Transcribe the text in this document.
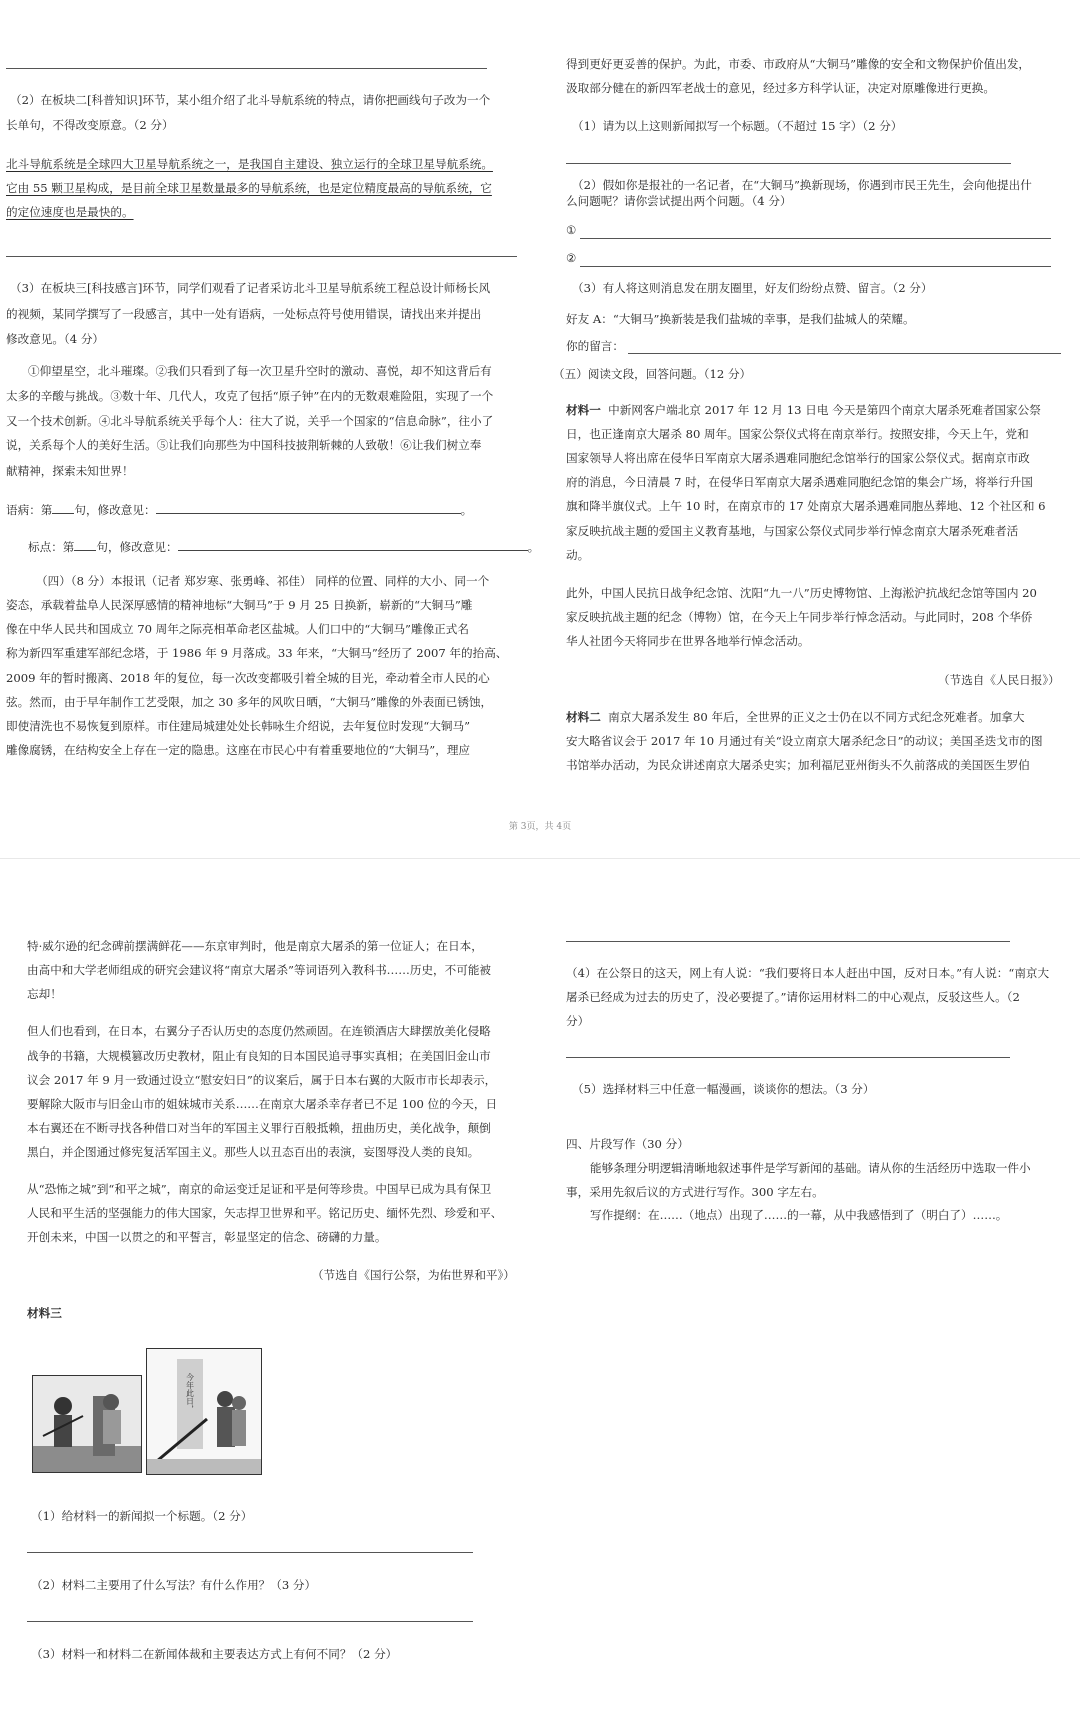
（2）在板块二[科普知识]环节，某小组介绍了北斗导航系统的特点，请你把画线句子改为一个
长单句，不得改变原意。（2 分）
北斗导航系统是全球四大卫星导航系统之一，是我国自主建设、独立运行的全球卫星导航系统。
它由 55 颗卫星构成，是目前全球卫星数量最多的导航系统，也是定位精度最高的导航系统，它
的定位速度也是最快的。
（3）在板块三[科技感言]环节，同学们观看了记者采访北斗卫星导航系统工程总设计师杨长风
的视频，某同学撰写了一段感言，其中一处有语病，一处标点符号使用错误，请找出来并提出
修改意见。（4 分）
①仰望星空，北斗璀璨。②我们只看到了每一次卫星升空时的激动、喜悦，却不知这背后有
太多的辛酸与挑战。③数十年、几代人，攻克了包括“原子钟”在内的无数艰难险阻，实现了一个
又一个技术创新。④北斗导航系统关乎每个人：往大了说，关乎一个国家的“信息命脉”，往小了
说，关系每个人的美好生活。⑤让我们向那些为中国科技披荆斩棘的人致敬！⑥让我们树立奉
献精神，探索未知世界！
语病：第 句，修改意见：	。
标点：第 句，修改意见：	。
（四）（8 分）本报讯（记者 郑岁寒、张勇峰、祁佳） 同样的位置、同样的大小、同一个
姿态，承载着盐阜人民深厚感情的精神地标“大铜马”于 9 月 25 日换新，崭新的“大铜马”雕
像在中华人民共和国成立 70 周年之际亮相革命老区盐城。人们口中的“大铜马”雕像正式名
称为新四军重建军部纪念塔，于 1986 年 9 月落成。33 年来，“大铜马”经历了 2007 年的抬高、
2009 年的暂时搬离、2018 年的复位，每一次改变都吸引着全城的目光，牵动着全市人民的心
弦。然而，由于早年制作工艺受限，加之 30 多年的风吹日晒，“大铜马”雕像的外表面已锈蚀，
即使清洗也不易恢复到原样。市住建局城建处处长韩咏生介绍说，去年复位时发现“大铜马”
雕像腐锈，在结构安全上存在一定的隐患。这座在市民心中有着重要地位的“大铜马”，理应
得到更好更妥善的保护。为此，市委、市政府从“大铜马”雕像的安全和文物保护价值出发，
汲取部分健在的新四军老战士的意见，经过多方科学认证，决定对原雕像进行更换。
（1）请为以上这则新闻拟写一个标题。（不超过 15 字）（2 分）
（2）假如你是报社的一名记者，在“大铜马”换新现场，你遇到市民王先生，会向他提出什
么问题呢？请你尝试提出两个问题。（4 分）
①
②
（3）有人将这则消息发在朋友圈里，好友们纷纷点赞、留言。（2 分）
好友 A：“大铜马”换新装是我们盐城的幸事，是我们盐城人的荣耀。
你的留言：
（五）阅读文段，回答问题。（12 分）
材料一 中新网客户端北京 2017 年 12 月 13 日电 今天是第四个南京大屠杀死难者国家公祭
日，也正逢南京大屠杀 80 周年。国家公祭仪式将在南京举行。按照安排，今天上午，党和
国家领导人将出席在侵华日军南京大屠杀遇难同胞纪念馆举行的国家公祭仪式。据南京市政
府的消息，今日清晨 7 时，在侵华日军南京大屠杀遇难同胞纪念馆的集会广场，将举行升国
旗和降半旗仪式。上午 10 时，在南京市的 17 处南京大屠杀遇难同胞丛葬地、12 个社区和 6
家反映抗战主题的爱国主义教育基地，与国家公祭仪式同步举行悼念南京大屠杀死难者活
动。
此外，中国人民抗日战争纪念馆、沈阳“九一八”历史博物馆、上海淞沪抗战纪念馆等国内 20
家反映抗战主题的纪念（博物）馆，在今天上午同步举行悼念活动。与此同时，208 个华侨
华人社团今天将同步在世界各地举行悼念活动。
（节选自《人民日报》）
材料二 南京大屠杀发生 80 年后，全世界的正义之士仍在以不同方式纪念死难者。加拿大
安大略省议会于 2017 年 10 月通过有关“设立南京大屠杀纪念日”的动议；美国圣迭戈市的图
书馆举办活动，为民众讲述南京大屠杀史实；加利福尼亚州街头不久前落成的美国医生罗伯
第 3页，共 4页
特·威尔逊的纪念碑前摆满鲜花——东京审判时，他是南京大屠杀的第一位证人；在日本，
由高中和大学老师组成的研究会建议将“南京大屠杀”等词语列入教科书……历史，不可能被
忘却！
但人们也看到，在日本，右翼分子否认历史的态度仍然顽固。在连锁酒店大肆摆放美化侵略
战争的书籍，大规模篡改历史教材，阻止有良知的日本国民追寻事实真相；在美国旧金山市
议会 2017 年 9 月一致通过设立“慰安妇日”的议案后，属于日本右翼的大阪市市长却表示，
要解除大阪市与旧金山市的姐妹城市关系……在南京大屠杀幸存者已不足 100 位的今天，日
本右翼还在不断寻找各种借口对当年的军国主义罪行百般抵赖，扭曲历史，美化战争，颠倒
黑白，并企图通过修宪复活军国主义。那些人以丑态百出的表演，妄图辱没人类的良知。
从“恐怖之城”到“和平之城”，南京的命运变迁足证和平是何等珍贵。中国早已成为具有保卫
人民和平生活的坚强能力的伟大国家，矢志捍卫世界和平。铭记历史、缅怀先烈、珍爱和平、
开创未来，中国一以贯之的和平誓言，彰显坚定的信念、磅礴的力量。
（节选自《国行公祭，为佑世界和平》）
材料三
今年此日，
（1）给材料一的新闻拟一个标题。（2 分）
（2）材料二主要用了什么写法？有什么作用？（3 分）
（3）材料一和材料二在新闻体裁和主要表达方式上有何不同？（2 分）
（4）在公祭日的这天，网上有人说：“我们要将日本人赶出中国，反对日本。”有人说：“南京大
屠杀已经成为过去的历史了，没必要提了。”请你运用材料二的中心观点，反驳这些人。（2
分）
（5）选择材料三中任意一幅漫画，谈谈你的想法。（3 分）
四、片段写作（30 分）
能够条理分明逻辑清晰地叙述事件是学写新闻的基础。请从你的生活经历中选取一件小
事，采用先叙后议的方式进行写作。300 字左右。
写作提纲：在……（地点）出现了……的一幕，从中我感悟到了（明白了）……。
